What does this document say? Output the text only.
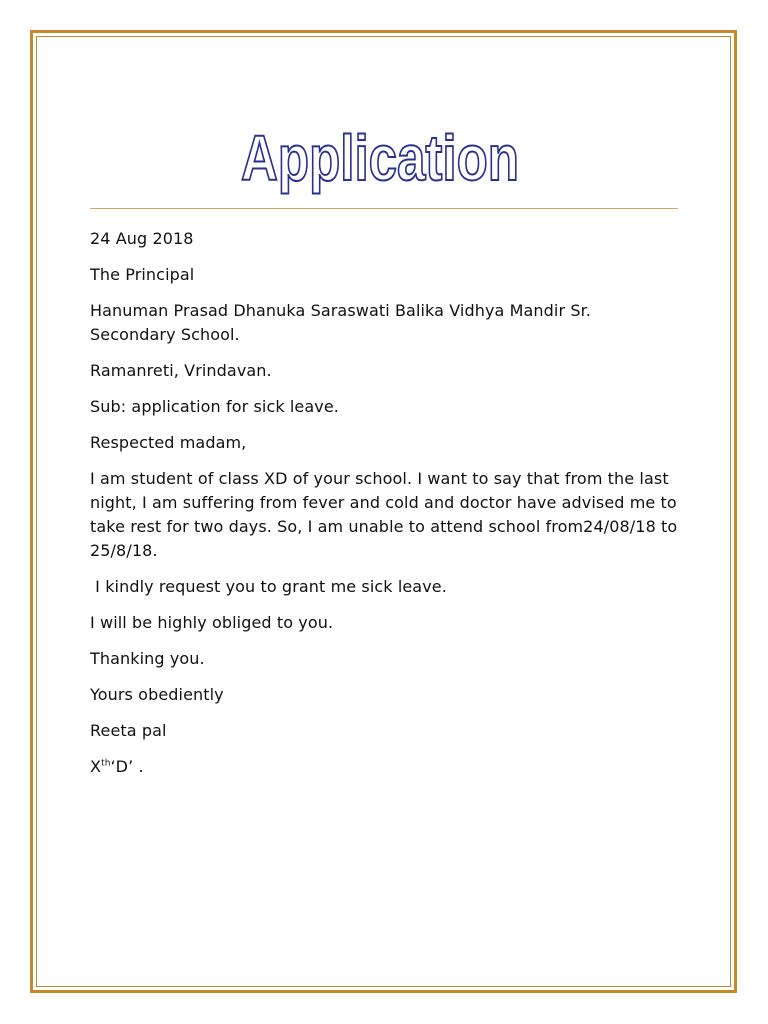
Application

24 Aug 2018

The Principal

Hanuman Prasad Dhanuka Saraswati Balika Vidhya Mandir Sr. Secondary School.

Ramanreti, Vrindavan.

Sub: application for sick leave.

Respected madam,

I am student of class XD of your school. I want to say that from the last night, I am suffering from fever and cold and doctor have advised me to take rest for two days. So, I am unable to attend school from24/08/18 to 25/8/18.

I kindly request you to grant me sick leave.

I will be highly obliged to you.

Thanking you.

Yours obediently

Reeta pal

Xth‘D’ .
